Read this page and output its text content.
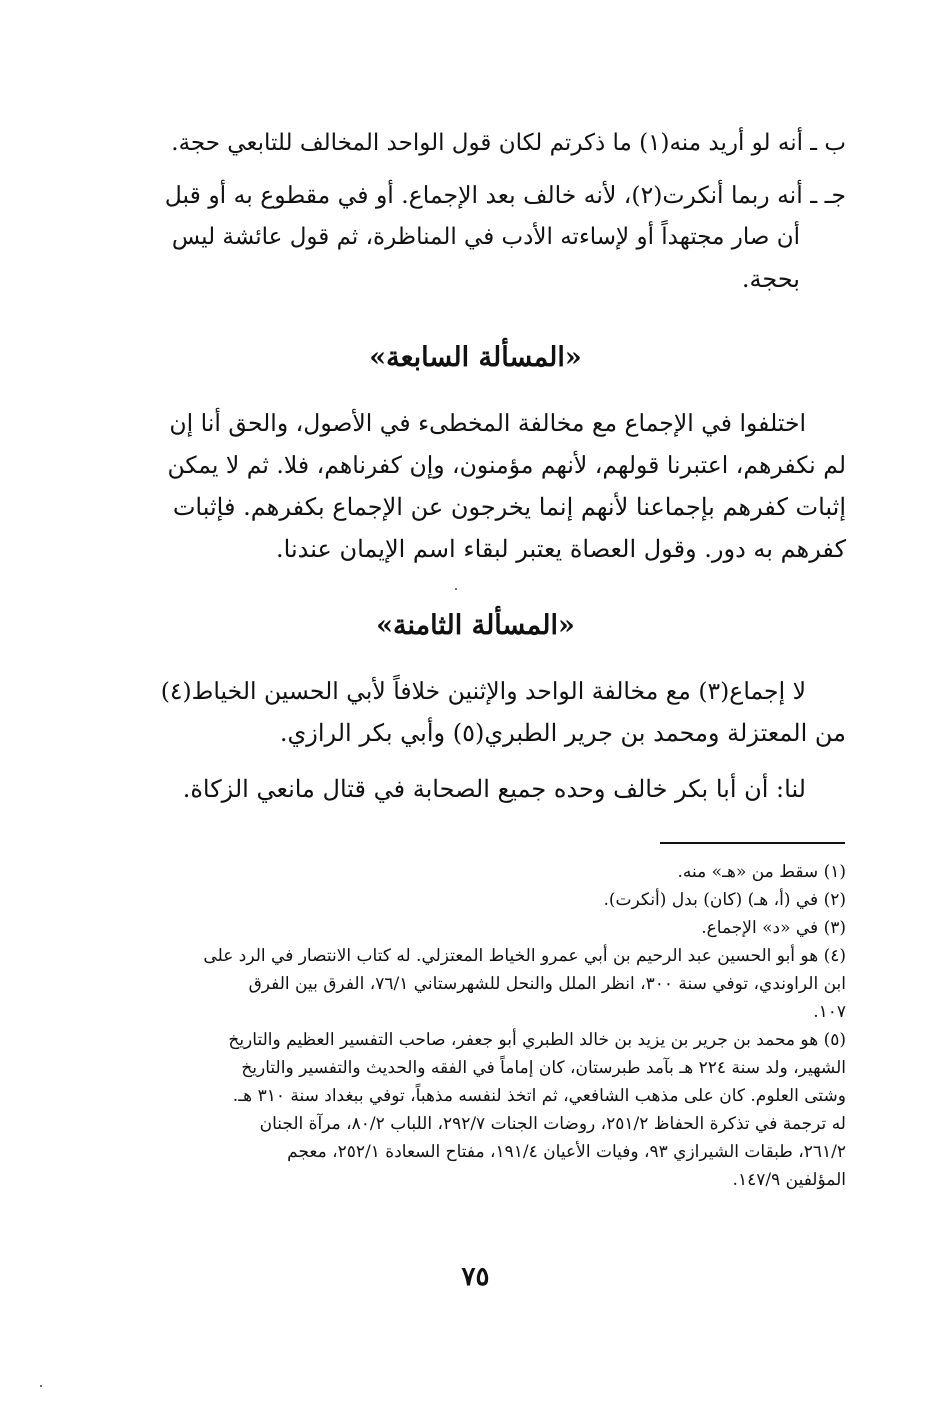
ب ـ أنه لو أريد منه(١) ما ذكرتم لكان قول الواحد المخالف للتابعي حجة.
جـ ـ أنه ربما أنكرت(٢)، لأنه خالف بعد الإجماع. أو في مقطوع به أو قبل
أن صار مجتهداً أو لإساءته الأدب في المناظرة، ثم قول عائشة ليس
بحجة.
«المسألة السابعة»
اختلفوا في الإجماع مع مخالفة المخطىء في الأصول، والحق أنا إن
لم نكفرهم، اعتبرنا قولهم، لأنهم مؤمنون، وإن كفرناهم، فلا. ثم لا يمكن
إثبات كفرهم بإجماعنا لأنهم إنما يخرجون عن الإجماع بكفرهم. فإثبات
كفرهم به دور. وقول العصاة يعتبر لبقاء اسم الإيمان عندنا.
«المسألة الثامنة»
لا إجماع(٣) مع مخالفة الواحد والإثنين خلافاً لأبي الحسين الخياط(٤)
من المعتزلة ومحمد بن جرير الطبري(٥) وأبي بكر الرازي.
لنا: أن أبا بكر خالف وحده جميع الصحابة في قتال مانعي الزكاة.
(١) سقط من «هـ» منه.
(٢) في (أ، هـ) (كان) بدل (أنكرت).
(٣) في «د» الإجماع.
(٤) هو أبو الحسين عبد الرحيم بن أبي عمرو الخياط المعتزلي. له كتاب الانتصار في الرد على
ابن الراوندي، توفي سنة ٣٠٠، انظر الملل والنحل للشهرستاني ٧٦/١، الفرق بين الفرق
١٠٧.
(٥) هو محمد بن جرير بن يزيد بن خالد الطبري أبو جعفر، صاحب التفسير العظيم والتاريخ
الشهير، ولد سنة ٢٢٤ هـ بآمد طبرستان، كان إماماً في الفقه والحديث والتفسير والتاريخ
وشتى العلوم. كان على مذهب الشافعي، ثم اتخذ لنفسه مذهباً، توفي ببغداد سنة ٣١٠ هـ.
له ترجمة في تذكرة الحفاظ ٢٥١/٢، روضات الجنات ٢٩٢/٧، اللباب ٨٠/٢، مرآة الجنان
٢٦١/٢، طبقات الشيرازي ٩٣، وفيات الأعيان ١٩١/٤، مفتاح السعادة ٢٥٢/١، معجم
المؤلفين ١٤٧/٩.
٧٥
